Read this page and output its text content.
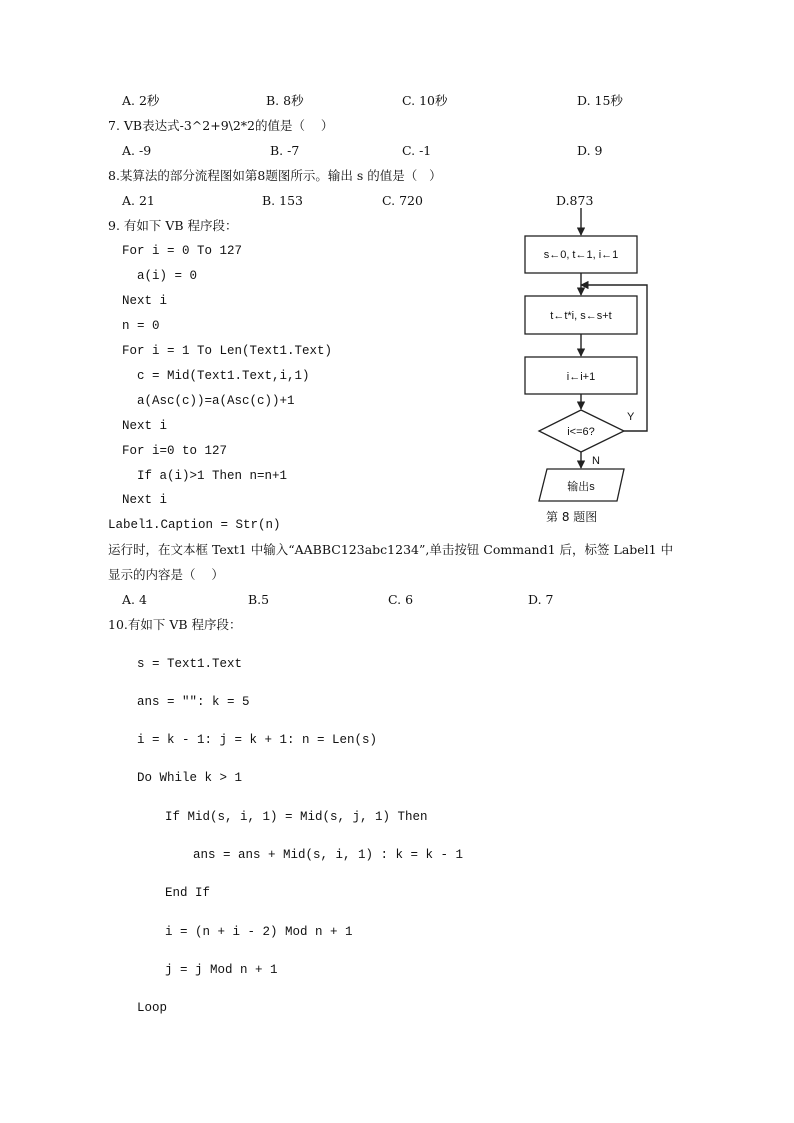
A. 2秒	B. 8秒	C. 10秒	D. 15秒
7. VB表达式-3^2+9\2*2的值是（    ）
A. -9	B. -7	C. -1	D. 9
8.某算法的部分流程图如第8题图所示。输出 s 的值是（   ）
A. 21	B. 153	C. 720	D.873
9. 有如下 VB 程序段：
For i = 0 To 127
a(i) = 0
Next i
n = 0
For i = 1 To Len(Text1.Text)
c = Mid(Text1.Text,i,1)
a(Asc(c))=a(Asc(c))+1
Next i
For i=0 to 127
If a(i)>1 Then n=n+1
Next i
Label1.Caption = Str(n)
运行时，在文本框 Text1 中输入“AABBC123abc1234”,单击按钮 Command1 后，标签 Label1 中
显示的内容是（    ）
A. 4	B.5	C. 6	D. 7
10.有如下 VB 程序段：
s = Text1.Text
ans = "": k = 5
i = k - 1: j = k + 1: n = Len(s)
Do While k > 1
If Mid(s, i, 1) = Mid(s, j, 1) Then
ans = ans + Mid(s, i, 1) : k = k - 1
End If
i = (n + i - 2) Mod n + 1
j = j Mod n + 1
Loop
s←0, t←1, i←1
t←t*i, s←s+t
i←i+1
i<=6?
Y
N
输出s
第 8 题图
